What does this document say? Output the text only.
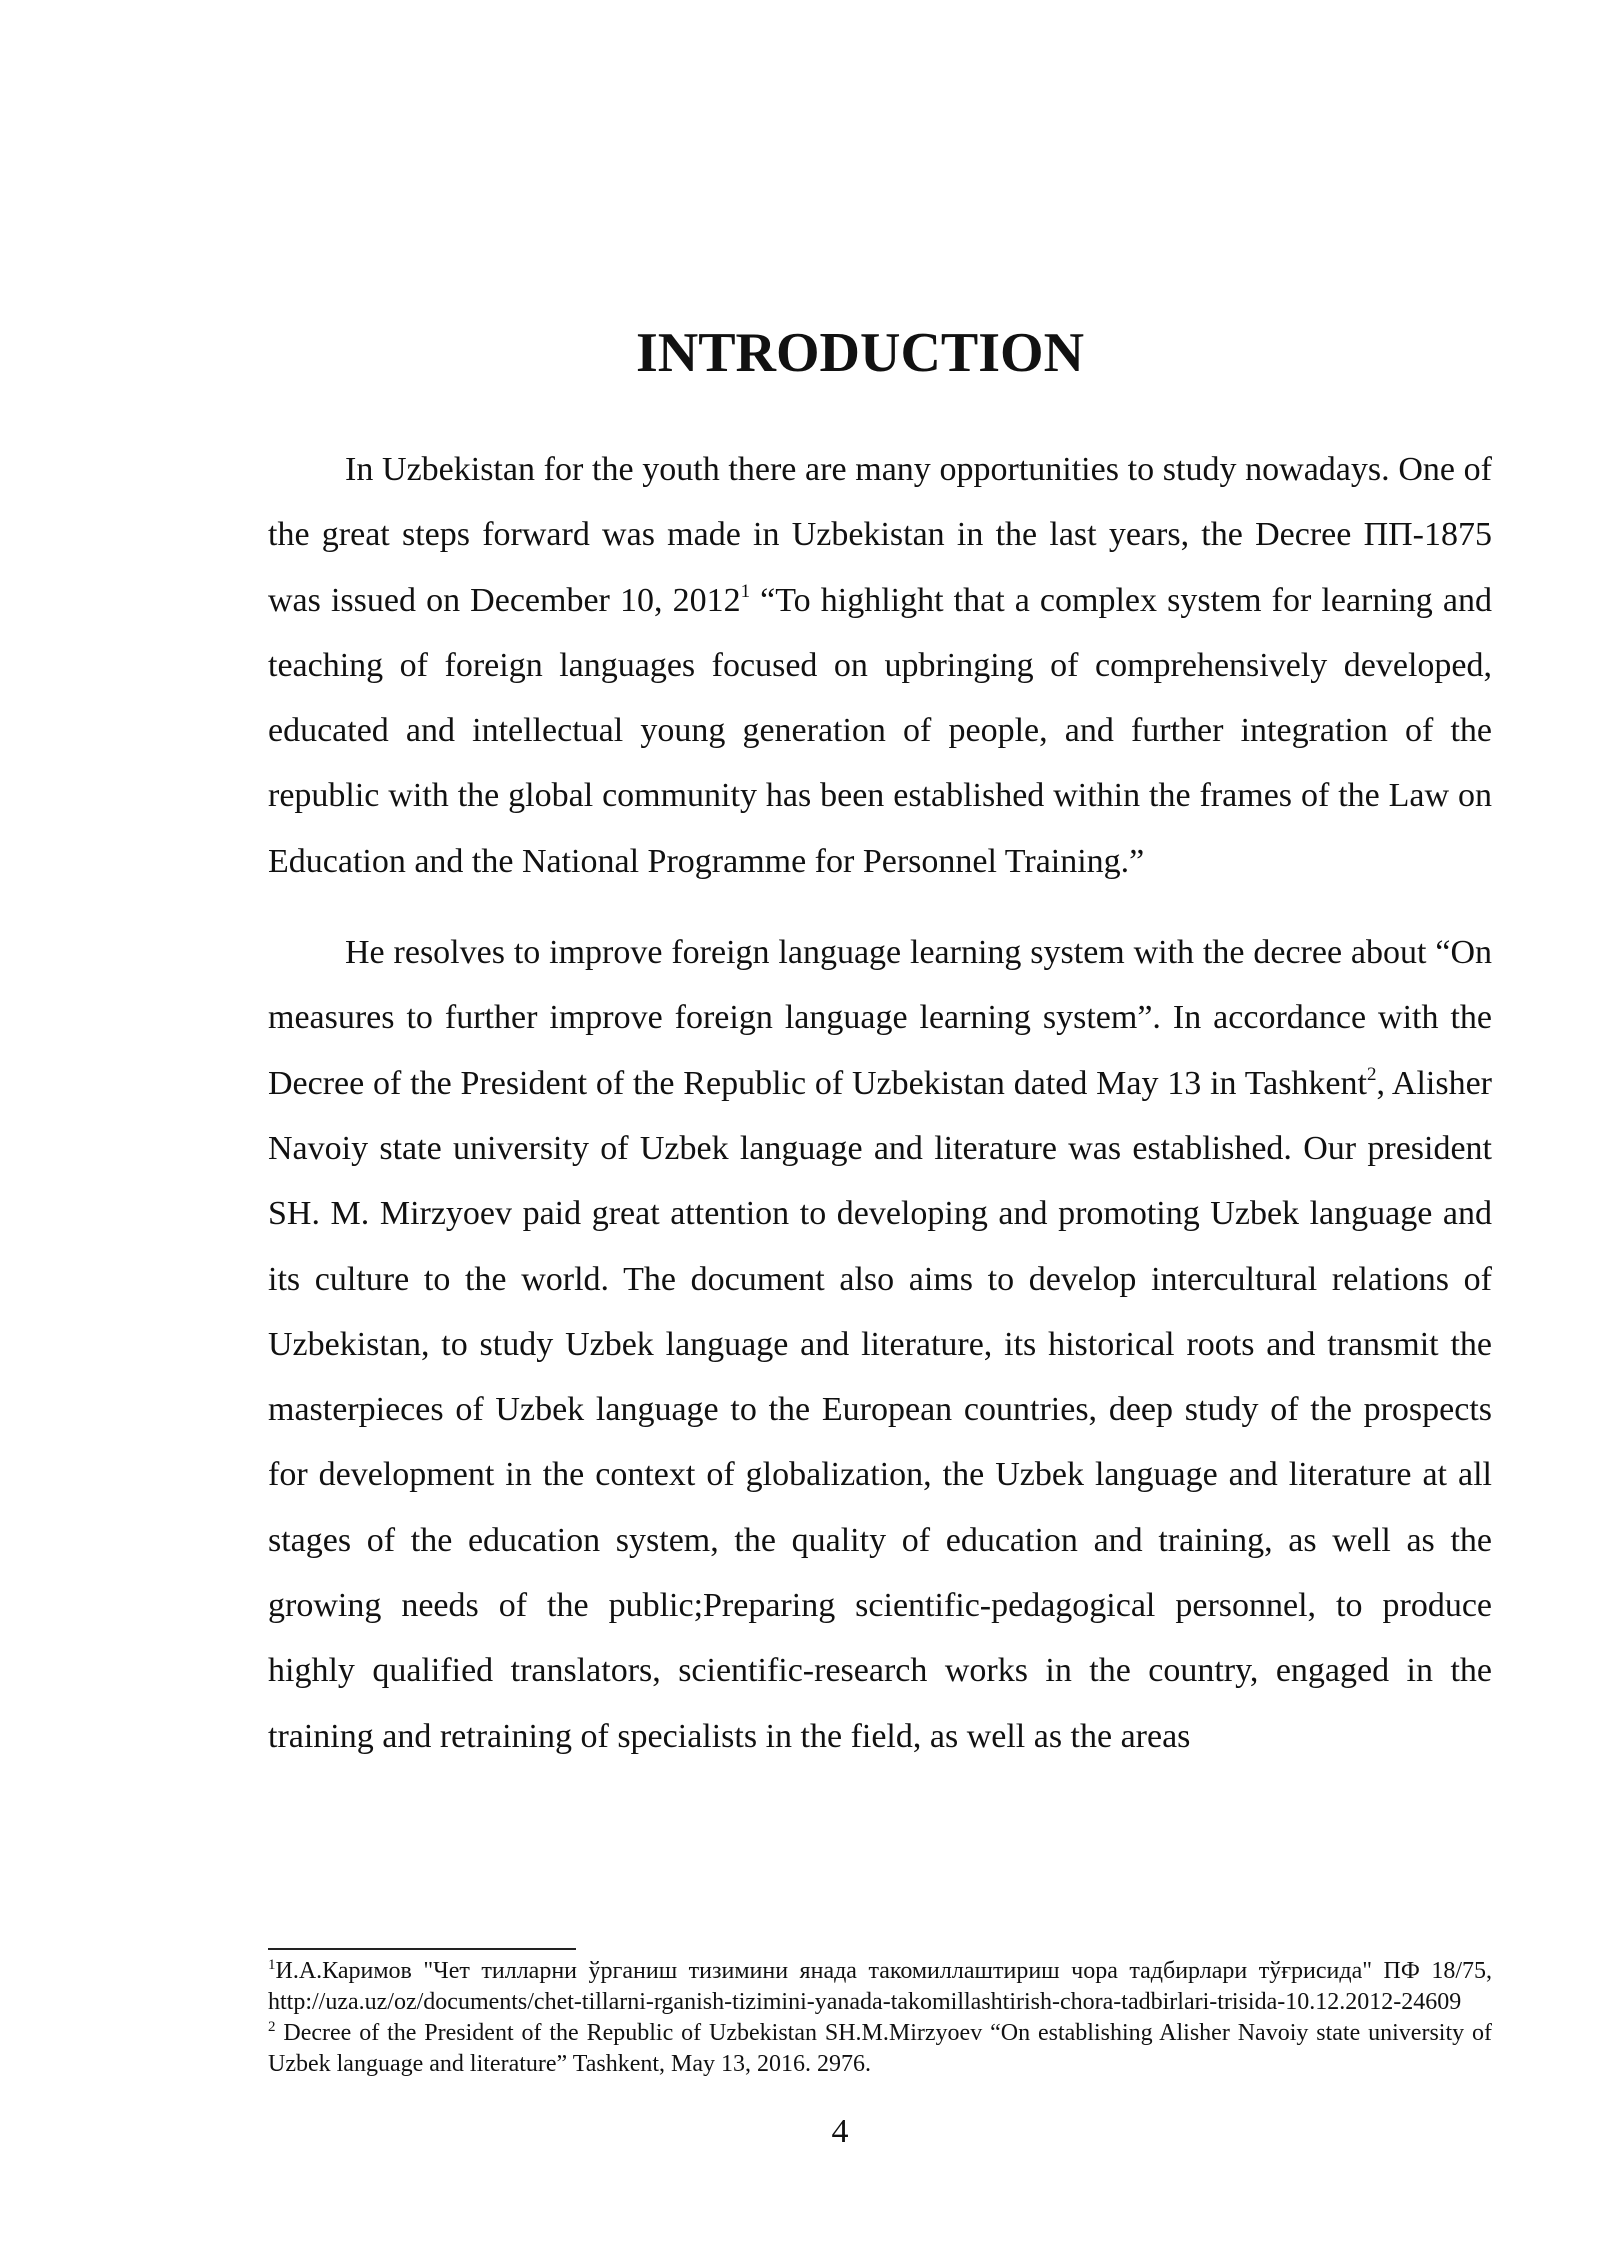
INTRODUCTION

In Uzbekistan for the youth there are many opportunities to study nowadays. One of the great steps forward was made in Uzbekistan in the last years, the Decree ПП-1875 was issued on December 10, 2012$^1$ “To highlight that a complex system for learning and teaching of foreign languages focused on upbringing of comprehensively developed, educated and intellectual young generation of people, and further integration of the republic with the global community has been established within the frames of the Law on Education and the National Programme for Personnel Training.”

He resolves to improve foreign language learning system with the decree about “On measures to further improve foreign language learning system”. In accordance with the Decree of the President of the Republic of Uzbekistan dated May 13 in Tashkent$^2$, Alisher Navoiy state university of Uzbek language and literature was established. Our president SH. M. Mirzyoev paid great attention to developing and promoting Uzbek language and its culture to the world. The document also aims to develop intercultural relations of Uzbekistan, to study Uzbek language and literature, its historical roots and transmit the masterpieces of Uzbek language to the European countries, deep study of the prospects for development in the context of globalization, the Uzbek language and literature at all stages of the education system, the quality of education and training, as well as the growing needs of the public;Preparing scientific-pedagogical personnel, to produce highly qualified translators, scientific-research works in the country, engaged in the training and retraining of specialists in the field, as well as the areas

$^1$И.А.Каримов "Чет тилларни ўрганиш тизимини янада такомиллаштириш чора тадбирлари тўғрисида" ПФ 18/75, http://uza.uz/oz/documents/chet-tillarni-rganish-tizimini-yanada-takomillashtirish-chora-tadbirlari-trisida-10.12.2012-24609

$^2$ Decree of the President of the Republic of Uzbekistan SH.M.Mirzyoev “On establishing Alisher Navoiy state university of Uzbek language and literature” Tashkent, May 13, 2016. 2976.

4
